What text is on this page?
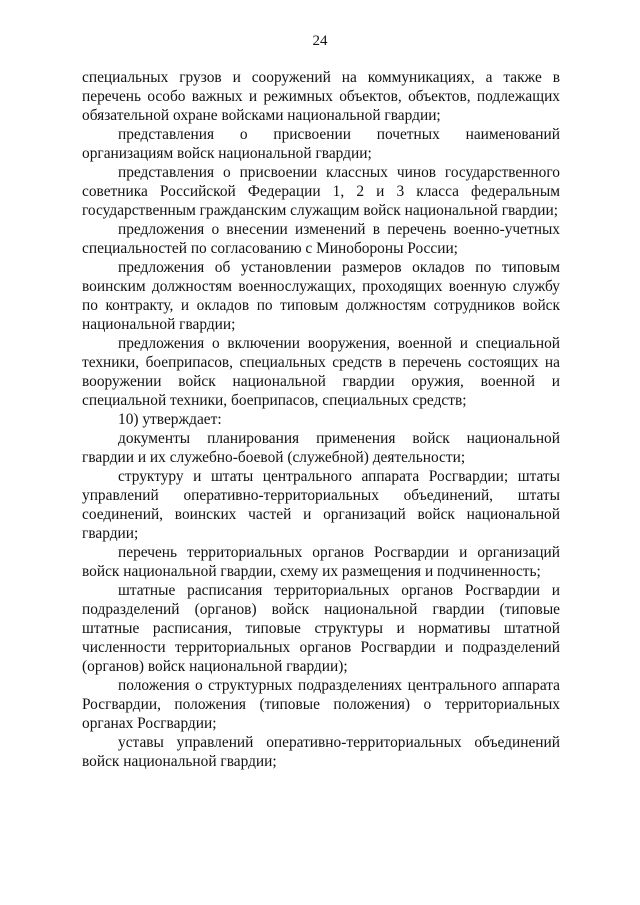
24

специальных грузов и сооружений на коммуникациях, а также в перечень особо важных и режимных объектов, объектов, подлежащих обязательной охране войсками национальной гвардии;

представления о присвоении почетных наименований организациям войск национальной гвардии;

представления о присвоении классных чинов государственного советника Российской Федерации 1, 2 и 3 класса федеральным государственным гражданским служащим войск национальной гвардии;

предложения о внесении изменений в перечень военно-учетных специальностей по согласованию с Минобороны России;

предложения об установлении размеров окладов по типовым воинским должностям военнослужащих, проходящих военную службу по контракту, и окладов по типовым должностям сотрудников войск национальной гвардии;

предложения о включении вооружения, военной и специальной техники, боеприпасов, специальных средств в перечень состоящих на вооружении войск национальной гвардии оружия, военной и специальной техники, боеприпасов, специальных средств;

10) утверждает:

документы планирования применения войск национальной гвардии и их служебно-боевой (служебной) деятельности;

структуру и штаты центрального аппарата Росгвардии; штаты управлений оперативно-территориальных объединений, штаты соединений, воинских частей и организаций войск национальной гвардии;

перечень территориальных органов Росгвардии и организаций войск национальной гвардии, схему их размещения и подчиненность;

штатные расписания территориальных органов Росгвардии и подразделений (органов) войск национальной гвардии (типовые штатные расписания, типовые структуры и нормативы штатной численности территориальных органов Росгвардии и подразделений (органов) войск национальной гвардии);

положения о структурных подразделениях центрального аппарата Росгвардии, положения (типовые положения) о территориальных органах Росгвардии;

уставы управлений оперативно-территориальных объединений войск национальной гвардии;
